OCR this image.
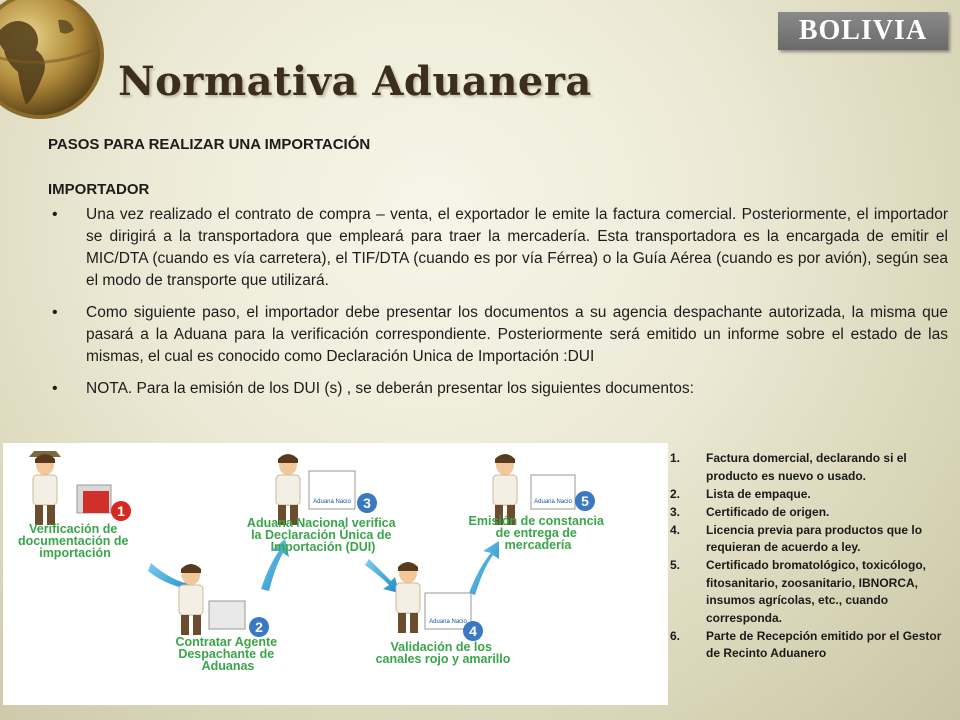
BOLIVIA
Normativa Aduanera

PASOS PARA REALIZAR UNA IMPORTACIÓN

IMPORTADOR

• Una vez realizado el contrato de compra – venta, el exportador le emite la factura comercial. Posteriormente, el importador se dirigirá a la transportadora que empleará para traer la mercadería. Esta transportadora es la encargada de emitir el MIC/DTA (cuando es vía carretera), el TIF/DTA (cuando es por vía Férrea) o la Guía Aérea (cuando es por avión), según sea el modo de transporte que utilizará.
• Como siguiente paso, el importador debe presentar los documentos a su agencia despachante autorizada, la misma que pasará a la Aduana para la verificación correspondiente. Posteriormente será emitido un informe sobre el estado de las mismas, el cual es conocido como Declaración Unica de Importación :DUI
• NOTA. Para la emisión de los DUI (s) , se deberán presentar los siguientes documentos:
1
Verificación de documentación de importación
2
Contratar Agente Despachante de Aduanas
Aduana Nacio 3
Aduana Nacional verifica la Declaración Única de Importación (DUI)
Aduana Nacio
4
Validación de los canales rojo y amarillo
Aduana Nacio 5
Emisión de constancia de entrega de mercadería
1. Factura domercial, declarando si el producto es nuevo o usado.
2. Lista de empaque.
3. Certificado de origen.
4. Licencia previa para productos que lo requieran de acuerdo a ley.
5. Certificado bromatológico, toxicólogo, fitosanitario, zoosanitario, IBNORCA, insumos agrícolas, etc., cuando corresponda.
6. Parte de Recepción emitido por el Gestor de Recinto Aduanero
